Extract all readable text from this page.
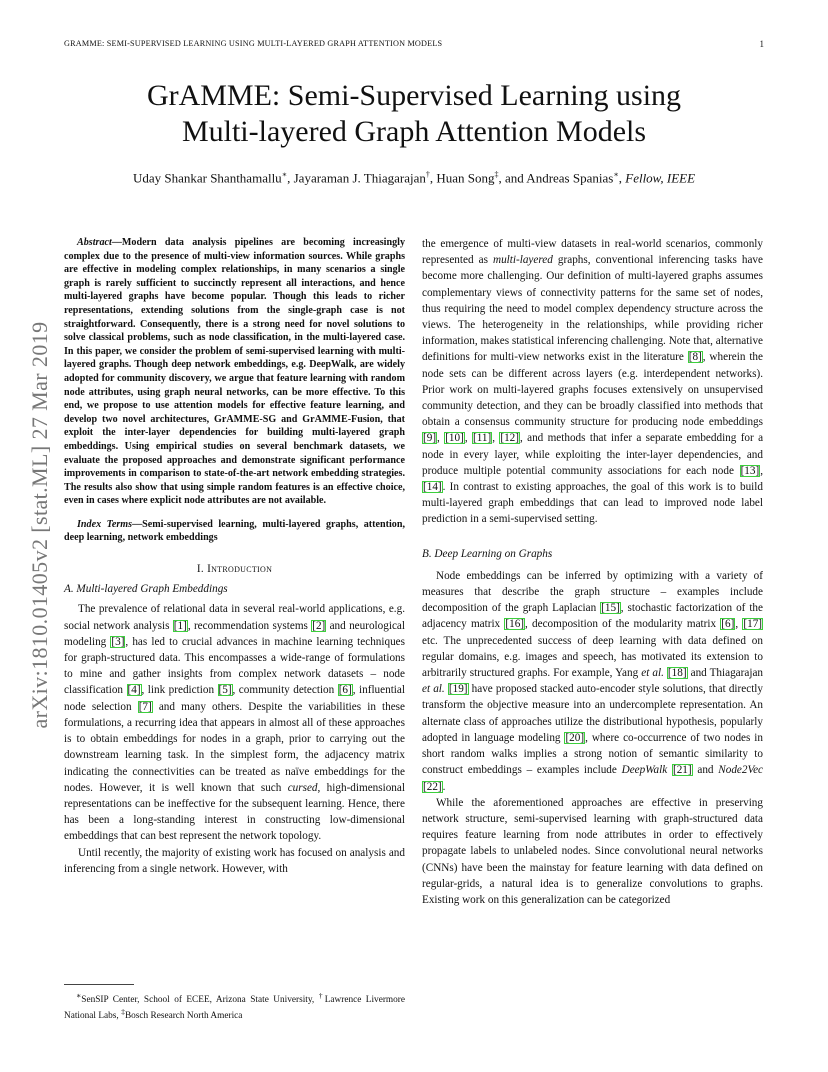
GRAMME: SEMI-SUPERVISED LEARNING USING MULTI-LAYERED GRAPH ATTENTION MODELS	1
GrAMME: Semi-Supervised Learning using
Multi-layered Graph Attention Models
Uday Shankar Shanthamallu∗, Jayaraman J. Thiagarajan†, Huan Song‡, and Andreas Spanias∗, Fellow, IEEE
arXiv:1810.01405v2 [stat.ML] 27 Mar 2019

Abstract—Modern data analysis pipelines are becoming increasingly complex due to the presence of multi-view information sources. While graphs are effective in modeling complex relationships, in many scenarios a single graph is rarely sufficient to succinctly represent all interactions, and hence multi-layered graphs have become popular. Though this leads to richer representations, extending solutions from the single-graph case is not straightforward. Consequently, there is a strong need for novel solutions to solve classical problems, such as node classification, in the multi-layered case. In this paper, we consider the problem of semi-supervised learning with multi-layered graphs. Though deep network embeddings, e.g. DeepWalk, are widely adopted for community discovery, we argue that feature learning with random node attributes, using graph neural networks, can be more effective. To this end, we propose to use attention models for effective feature learning, and develop two novel architectures, GrAMME-SG and GrAMME-Fusion, that exploit the inter-layer dependencies for building multi-layered graph embeddings. Using empirical studies on several benchmark datasets, we evaluate the proposed approaches and demonstrate significant performance improvements in comparison to state-of-the-art network embedding strategies. The results also show that using simple random features is an effective choice, even in cases where explicit node attributes are not available.

Index Terms—Semi-supervised learning, multi-layered graphs, attention, deep learning, network embeddings

I. Introduction
A. Multi-layered Graph Embeddings

The prevalence of relational data in several real-world applications, e.g. social network analysis [1], recommendation systems [2] and neurological modeling [3], has led to crucial advances in machine learning techniques for graph-structured data. This encompasses a wide-range of formulations to mine and gather insights from complex network datasets – node classification [4], link prediction [5], community detection [6], influential node selection [7] and many others. Despite the variabilities in these formulations, a recurring idea that appears in almost all of these approaches is to obtain embeddings for nodes in a graph, prior to carrying out the downstream learning task. In the simplest form, the adjacency matrix indicating the connectivities can be treated as naïve embeddings for the nodes. However, it is well known that such cursed, high-dimensional representations can be ineffective for the subsequent learning. Hence, there has been a long-standing interest in constructing low-dimensional embeddings that can best represent the network topology.

Until recently, the majority of existing work has focused on analysis and inferencing from a single network. However, with

∗SenSIP Center, School of ECEE, Arizona State University, †Lawrence Livermore National Labs, ‡Bosch Research North America

the emergence of multi-view datasets in real-world scenarios, commonly represented as multi-layered graphs, conventional inferencing tasks have become more challenging. Our definition of multi-layered graphs assumes complementary views of connectivity patterns for the same set of nodes, thus requiring the need to model complex dependency structure across the views. The heterogeneity in the relationships, while providing richer information, makes statistical inferencing challenging. Note that, alternative definitions for multi-view networks exist in the literature [8], wherein the node sets can be different across layers (e.g. interdependent networks). Prior work on multi-layered graphs focuses extensively on unsupervised community detection, and they can be broadly classified into methods that obtain a consensus community structure for producing node embeddings [9], [10], [11], [12], and methods that infer a separate embedding for a node in every layer, while exploiting the inter-layer dependencies, and produce multiple potential community associations for each node [13], [14]. In contrast to existing approaches, the goal of this work is to build multi-layered graph embeddings that can lead to improved node label prediction in a semi-supervised setting.

B. Deep Learning on Graphs

Node embeddings can be inferred by optimizing with a variety of measures that describe the graph structure – examples include decomposition of the graph Laplacian [15], stochastic factorization of the adjacency matrix [16], decomposition of the modularity matrix [6], [17] etc. The unprecedented success of deep learning with data defined on regular domains, e.g. images and speech, has motivated its extension to arbitrarily structured graphs. For example, Yang et al. [18] and Thiagarajan et al. [19] have proposed stacked auto-encoder style solutions, that directly transform the objective measure into an undercomplete representation. An alternate class of approaches utilize the distributional hypothesis, popularly adopted in language modeling [20], where co-occurrence of two nodes in short random walks implies a strong notion of semantic similarity to construct embeddings – examples include DeepWalk [21] and Node2Vec [22].

While the aforementioned approaches are effective in preserving network structure, semi-supervised learning with graph-structured data requires feature learning from node attributes in order to effectively propagate labels to unlabeled nodes. Since convolutional neural networks (CNNs) have been the mainstay for feature learning with data defined on regular-grids, a natural idea is to generalize convolutions to graphs. Existing work on this generalization can be categorized
